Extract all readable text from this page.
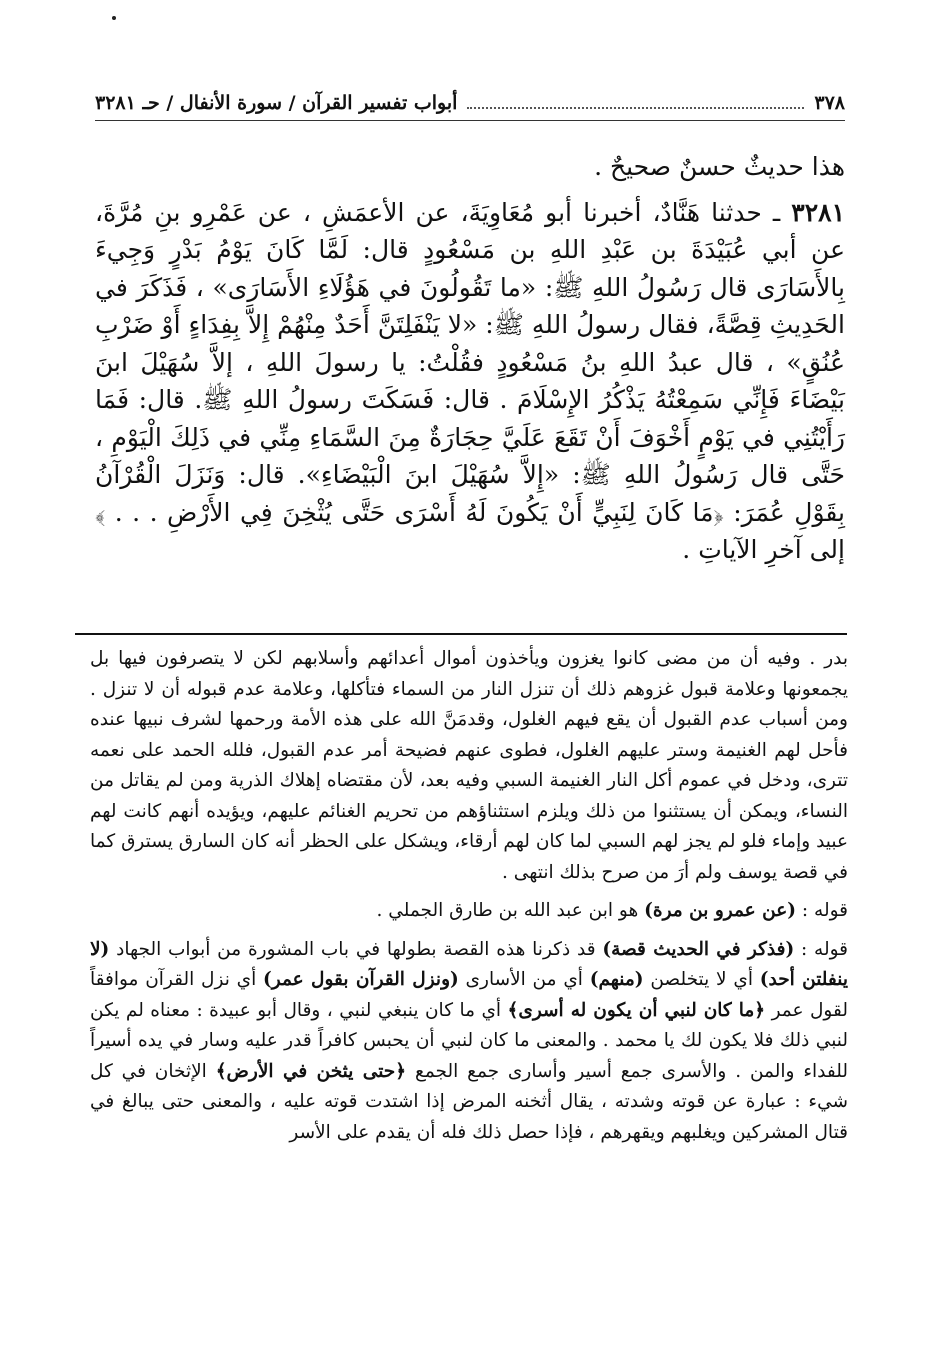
٣٧٨
أبواب تفسير القرآن / سورة الأنفال / حـ ٣٢٨١

هذا حديثٌ حسنٌ صحيحٌ .

٣٢٨١ ـ حدثنا هَنَّادٌ، أخبرنا أبو مُعَاوِيَةَ، عن الأعمَشِ ، عن عَمْرِو بنِ مُرَّةَ، عن أبي عُبَيْدَةَ بن عَبْدِ اللهِ بن مَسْعُودٍ قال: لَمَّا كَانَ يَوْمُ بَدْرٍ وَجِيءَ بِالأَسَارَى قال رَسُولُ اللهِ ﷺ: «ما تَقُولُونَ في هَؤُلَاءِ الأَسَارَى» ، فَذَكَرَ في الحَدِيثِ قِصَّةً، فقال رسولُ اللهِ ﷺ: «لا يَنْفَلِتَنَّ أَحَدٌ مِنْهُمْ إِلاَّ بِفِدَاءٍ أَوْ ضَرْبِ عُنُقٍ» ، قال عبدُ اللهِ بنُ مَسْعُودٍ فقُلْتُ: يا رسولَ اللهِ ، إلاَّ سُهَيْلَ ابنَ بَيْضَاءَ فَإِنِّي سَمِعْتُهُ يَذْكُرُ الإِسْلَامَ . قال: فَسَكَتَ رسولُ اللهِ ﷺ. قال: فَمَا رَأَيْتُنِي في يَوْمٍ أَخْوَفَ أَنْ تَقَعَ عَلَيَّ حِجَارَةٌ مِنَ السَّمَاءِ مِنِّي في ذَلِكَ الْيَوْمِ ، حَتَّى قال رَسُولُ اللهِ ﷺ: «إِلاَّ سُهَيْلَ ابنَ الْبَيْضَاءِ». قال: وَنَزَلَ الْقُرْآنُ بِقَوْلِ عُمَرَ: ﴿مَا كَانَ لِنَبِيٍّ أَنْ يَكُونَ لَهُ أَسْرَى حَتَّى يُثْخِنَ فِي الأَرْضِ . . . ﴾ إلى آخرِ الآياتِ .

بدر . وفيه أن من مضى كانوا يغزون ويأخذون أموال أعدائهم وأسلابهم لكن لا يتصرفون فيها بل يجمعونها وعلامة قبول غزوهم ذلك أن تنزل النار من السماء فتأكلها، وعلامة عدم قبوله أن لا تنزل . ومن أسباب عدم القبول أن يقع فيهم الغلول، وقدمَنَّ الله على هذه الأمة ورحمها لشرف نبيها عنده فأحل لهم الغنيمة وستر عليهم الغلول، فطوى عنهم فضيحة أمر عدم القبول، فلله الحمد على نعمه تترى، ودخل في عموم أكل النار الغنيمة السبي وفيه بعد، لأن مقتضاه إهلاك الذرية ومن لم يقاتل من النساء، ويمكن أن يستثنوا من ذلك ويلزم استثناؤهم من تحريم الغنائم عليهم، ويؤيده أنهم كانت لهم عبيد وإماء فلو لم يجز لهم السبي لما كان لهم أرقاء، ويشكل على الحظر أنه كان السارق يسترق كما في قصة يوسف ولم أرَ من صرح بذلك انتهى .

قوله : (عن عمرو بن مرة) هو ابن عبد الله بن طارق الجملي .

قوله : (فذكر في الحديث قصة) قد ذكرنا هذه القصة بطولها في باب المشورة من أبواب الجهاد (لا ينفلتن أحد) أي لا يتخلصن (منهم) أي من الأسارى (ونزل القرآن بقول عمر) أي نزل القرآن موافقاً لقول عمر ﴿ما كان لنبي أن يكون له أسرى﴾ أي ما كان ينبغي لنبي ، وقال أبو عبيدة : معناه لم يكن لنبي ذلك فلا يكون لك يا محمد . والمعنى ما كان لنبي أن يحبس كافراً قدر عليه وسار في يده أسيراً للفداء والمن . والأسرى جمع أسير وأسارى جمع الجمع ﴿حتى يثخن في الأرض﴾ الإثخان في كل شيء : عبارة عن قوته وشدته ، يقال أثخنه المرض إذا اشتدت قوته عليه ، والمعنى حتى يبالغ في قتال المشركين ويغلبهم ويقهرهم ، فإذا حصل ذلك فله أن يقدم على الأسر
